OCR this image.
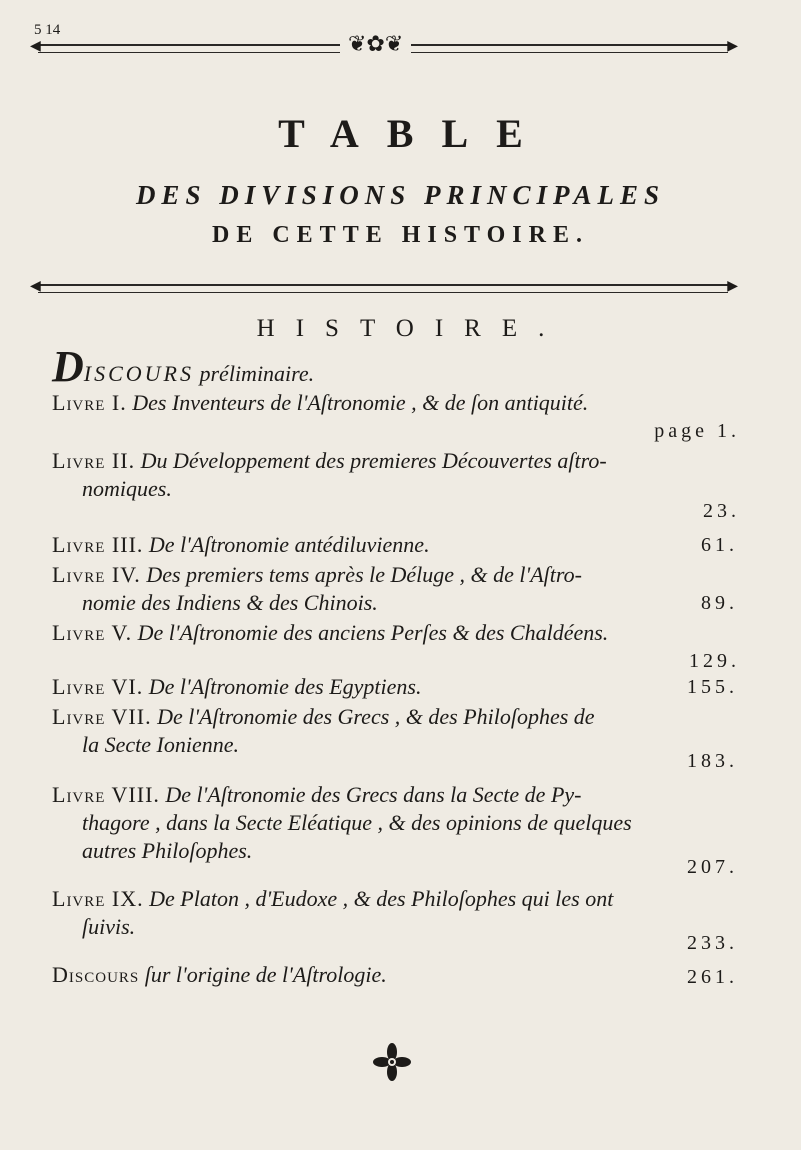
5 14
◀	▶
❦✿❦
TABLE
DES DIVISIONS PRINCIPALES
DE CETTE HISTOIRE.
◀	▶
HISTOIRE.
DISCOURS préliminaire.
Livre I. Des Inventeurs de l'Aſtronomie , & de ſon antiquité.
page 1.
Livre II. Du Développement des premieres Découvertes aſtro-
nomiques.
23.
Livre III. De l'Aſtronomie antédiluvienne.	61.
Livre IV. Des premiers tems après le Déluge , & de l'Aſtro-
nomie des Indiens & des Chinois.	89.
Livre V. De l'Aſtronomie des anciens Perſes & des Chaldéens.
129.
Livre VI. De l'Aſtronomie des Egyptiens.	155.
Livre VII. De l'Aſtronomie des Grecs , & des Philoſophes de
la Secte Ionienne.
183.
Livre VIII. De l'Aſtronomie des Grecs dans la Secte de Py-
thagore , dans la Secte Eléatique , & des opinions de quelques
autres Philoſophes.
207.
Livre IX. De Platon , d'Eudoxe , & des Philoſophes qui les ont
ſuivis.
233.
Discours ſur l'origine de l'Aſtrologie.	261.
